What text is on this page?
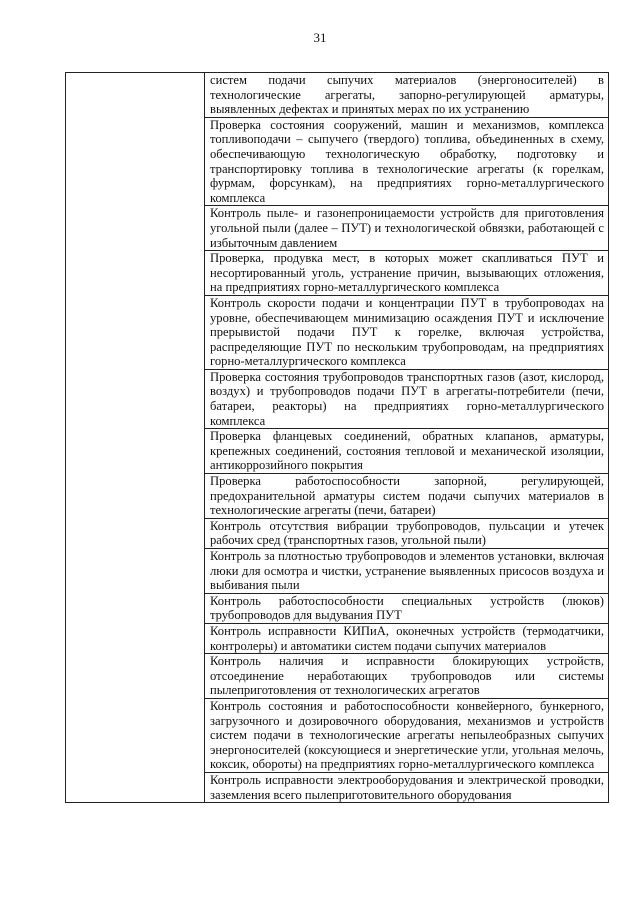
31

систем подачи сыпучих материалов (энергоносителей) в технологические агрегаты, запорно-регулирующей арматуры, выявленных дефектах и принятых мерах по их устранению

Проверка состояния сооружений, машин и механизмов, комплекса топливоподачи – сыпучего (твердого) топлива, объединенных в схему, обеспечивающую технологическую обработку, подготовку и транспортировку топлива в технологические агрегаты (к горелкам, фурмам, форсункам), на предприятиях горно-металлургического комплекса

Контроль пыле- и газонепроницаемости устройств для приготовления угольной пыли (далее – ПУТ) и технологической обвязки, работающей с избыточным давлением

Проверка, продувка мест, в которых может скапливаться ПУТ и несортированный уголь, устранение причин, вызывающих отложения, на предприятиях горно-металлургического комплекса

Контроль скорости подачи и концентрации ПУТ в трубопроводах на уровне, обеспечивающем минимизацию осаждения ПУТ и исключение прерывистой подачи ПУТ к горелке, включая устройства, распределяющие ПУТ по нескольким трубопроводам, на предприятиях горно-металлургического комплекса

Проверка состояния трубопроводов транспортных газов (азот, кислород, воздух) и трубопроводов подачи ПУТ в агрегаты-потребители (печи, батареи, реакторы) на предприятиях горно-металлургического комплекса

Проверка фланцевых соединений, обратных клапанов, арматуры, крепежных соединений, состояния тепловой и механической изоляции, антикоррозийного покрытия

Проверка работоспособности запорной, регулирующей, предохранительной арматуры систем подачи сыпучих материалов в технологические агрегаты (печи, батареи)

Контроль отсутствия вибрации трубопроводов, пульсации и утечек рабочих сред (транспортных газов, угольной пыли)

Контроль за плотностью трубопроводов и элементов установки, включая люки для осмотра и чистки, устранение выявленных присосов воздуха и выбивания пыли

Контроль работоспособности специальных устройств (люков) трубопроводов для выдувания ПУТ

Контроль исправности КИПиА, оконечных устройств (термодатчики, контролеры) и автоматики систем подачи сыпучих материалов

Контроль наличия и исправности блокирующих устройств, отсоединение неработающих трубопроводов или системы пылеприготовления от технологических агрегатов

Контроль состояния и работоспособности конвейерного, бункерного, загрузочного и дозировочного оборудования, механизмов и устройств систем подачи в технологические агрегаты непылеобразных сыпучих энергоносителей (коксующиеся и энергетические угли, угольная мелочь, коксик, обороты) на предприятиях горно-металлургического комплекса

Контроль исправности электрооборудования и электрической проводки, заземления всего пылеприготовительного оборудования
